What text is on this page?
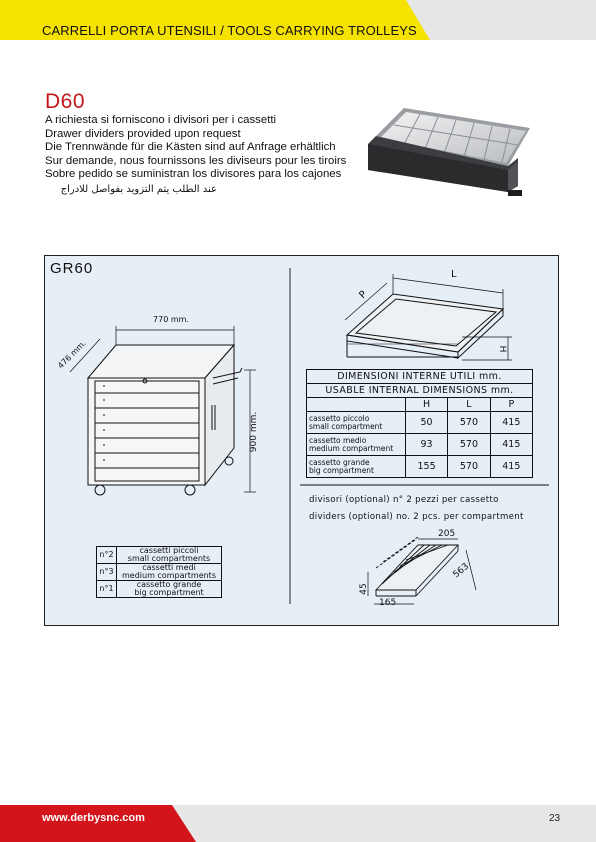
CARRELLI PORTA UTENSILI / TOOLS CARRYING TROLLEYS
D60
A richiesta si forniscono i divisori per i cassetti
Drawer dividers provided upon request
Die Trennwände für die Kästen sind auf Anfrage erhältlich
Sur demande, nous fournissons les diviseurs pour les tiroirs
Sobre pedido se suministran los divisores para los cajones
عند الطلب يتم التزويد بفواصل للادراج
GR60
770 mm.
476 mm.
900 mm.
L
P
H
205
563
165
45
DIMENSIONI INTERNE UTILI mm.			
USABLE INTERNAL DIMENSIONS mm.			
	H	L	P
cassetto piccolo
small compartment	50	570	415
cassetto medio
medium compartment	93	570	415
cassetto grande
big compartment	155	570	415
n°2	cassetti piccoli
small compartments
n°3	cassetti medi
medium compartments
n°1	cassetto grande
big compartment
divisori (optional) n° 2 pezzi per cassetto
dividers (optional) no. 2 pcs. per compartment
www.derbysnc.com	23
